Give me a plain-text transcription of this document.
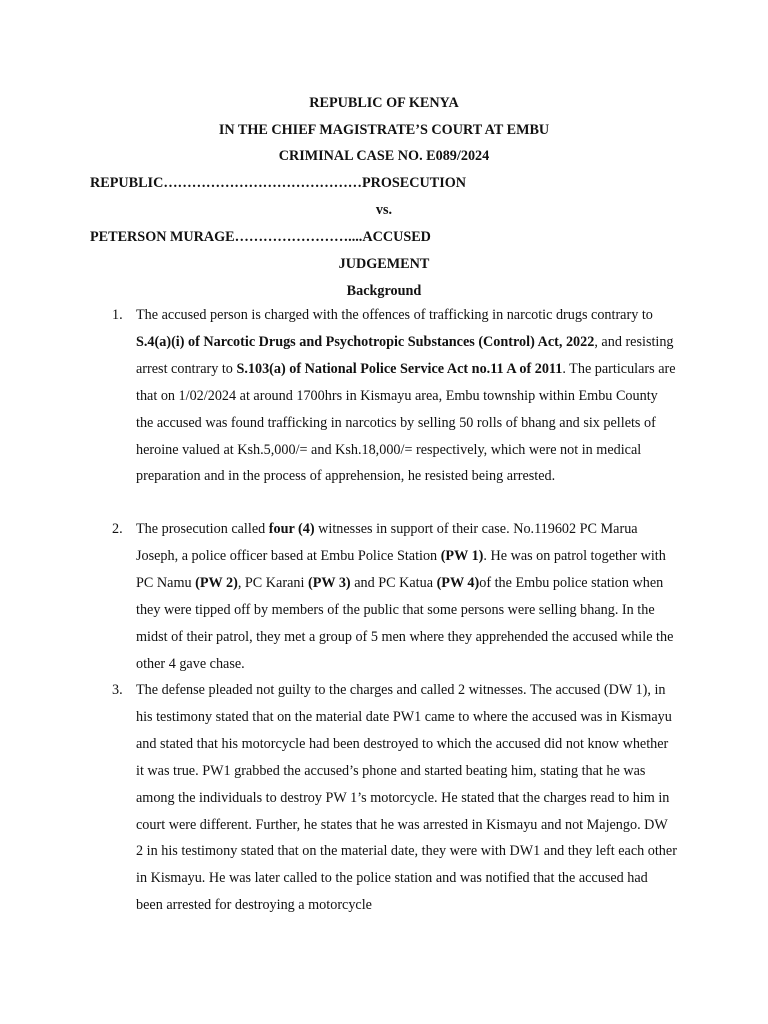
REPUBLIC OF KENYA
IN THE CHIEF MAGISTRATE’S COURT AT EMBU
CRIMINAL CASE NO. E089/2024
REPUBLIC……………………………………PROSECUTION
vs.
PETERSON MURAGE……………………....ACCUSED
JUDGEMENT
Background
1. The accused person is charged with the offences of trafficking in narcotic drugs contrary to S.4(a)(i) of Narcotic Drugs and Psychotropic Substances (Control) Act, 2022, and resisting arrest contrary to S.103(a) of National Police Service Act no.11 A of 2011. The particulars are that on 1/02/2024 at around 1700hrs in Kismayu area, Embu township within Embu County the accused was found trafficking in narcotics by selling 50 rolls of bhang and six pellets of heroine valued at Ksh.5,000/= and Ksh.18,000/= respectively, which were not in medical preparation and in the process of apprehension, he resisted being arrested.
2. The prosecution called four (4) witnesses in support of their case. No.119602 PC Marua Joseph, a police officer based at Embu Police Station (PW 1). He was on patrol together with PC Namu (PW 2), PC Karani (PW 3) and PC Katua (PW 4)of the Embu police station when they were tipped off by members of the public that some persons were selling bhang. In the midst of their patrol, they met a group of 5 men where they apprehended the accused while the other 4 gave chase.
3. The defense pleaded not guilty to the charges and called 2 witnesses. The accused (DW 1), in his testimony stated that on the material date PW1 came to where the accused was in Kismayu and stated that his motorcycle had been destroyed to which the accused did not know whether it was true. PW1 grabbed the accused’s phone and started beating him, stating that he was among the individuals to destroy PW 1’s motorcycle. He stated that the charges read to him in court were different. Further, he states that he was arrested in Kismayu and not Majengo. DW 2 in his testimony stated that on the material date, they were with DW1 and they left each other in Kismayu. He was later called to the police station and was notified that the accused had been arrested for destroying a motorcycle
